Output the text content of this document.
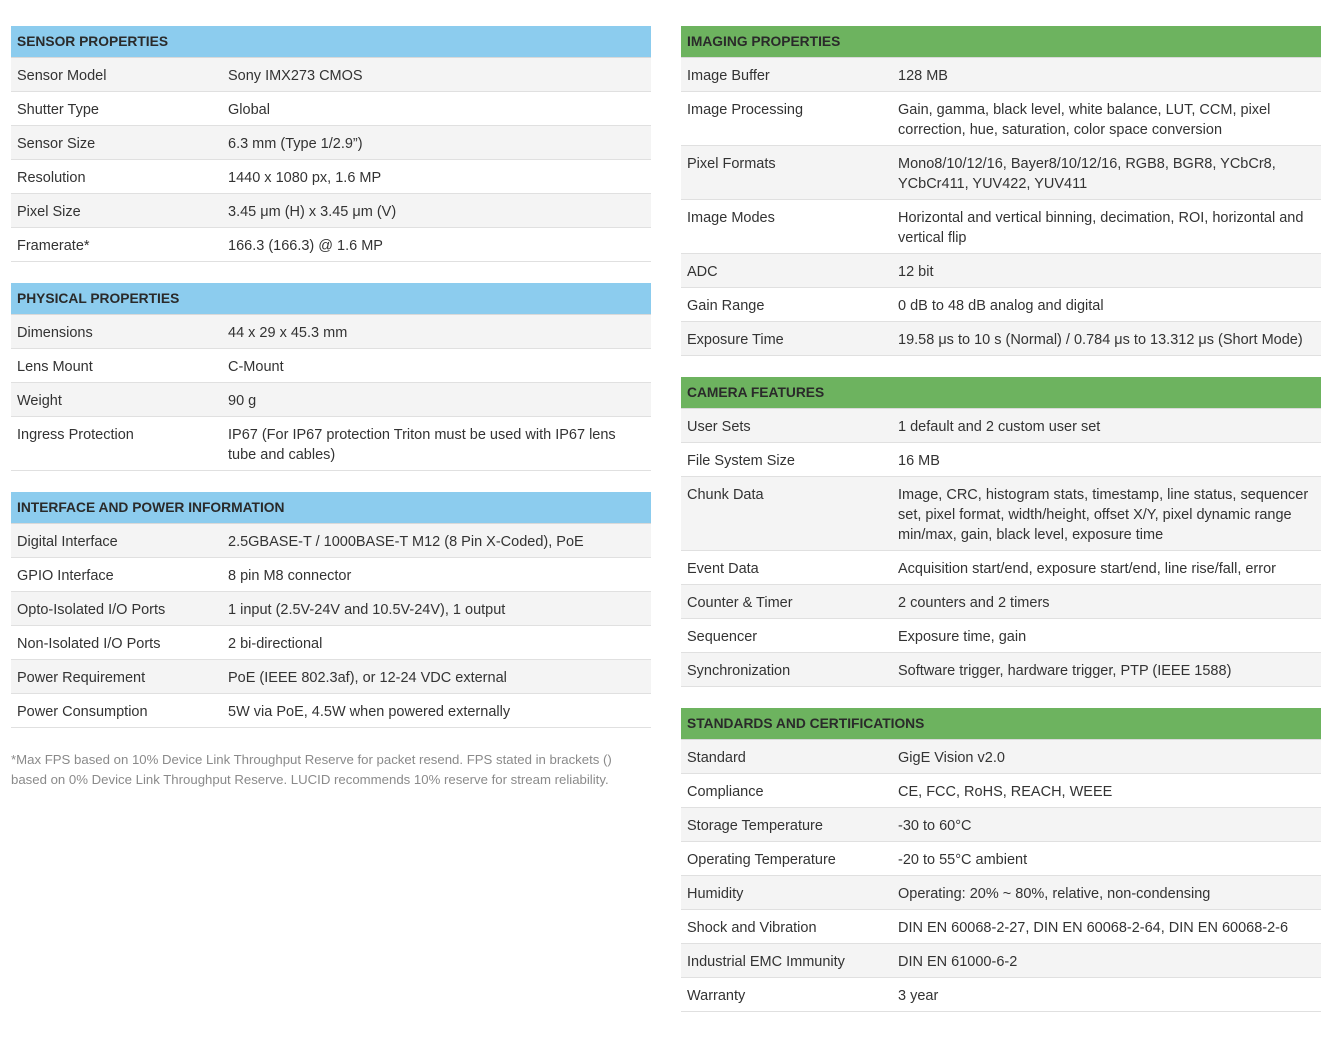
SENSOR PROPERTIES
Sensor Model	Sony IMX273 CMOS
Shutter Type	Global
Sensor Size	6.3 mm (Type 1/2.9”)
Resolution	1440 x 1080 px, 1.6 MP
Pixel Size	3.45 μm (H) x 3.45 μm (V)
Framerate*	166.3 (166.3) @ 1.6 MP
PHYSICAL PROPERTIES
Dimensions	44 x 29 x 45.3 mm
Lens Mount	C-Mount
Weight	90 g
Ingress Protection	IP67 (For IP67 protection Triton must be used with IP67 lens tube and cables)
INTERFACE AND POWER INFORMATION
Digital Interface	2.5GBASE-T / 1000BASE-T M12 (8 Pin X-Coded), PoE
GPIO Interface	8 pin M8 connector
Opto-Isolated I/O Ports	1 input (2.5V-24V and 10.5V-24V), 1 output
Non-Isolated I/O Ports	2 bi-directional
Power Requirement	PoE (IEEE 802.3af), or 12-24 VDC external
Power Consumption	5W via PoE, 4.5W when powered externally
*Max FPS based on 10% Device Link Throughput Reserve for packet resend. FPS stated in brackets () based on 0% Device Link Throughput Reserve. LUCID recommends 10% reserve for stream reliability.
IMAGING PROPERTIES
Image Buffer	128 MB
Image Processing	Gain, gamma, black level, white balance, LUT, CCM, pixel correction, hue, saturation, color space conversion
Pixel Formats	Mono8/10/12/16, Bayer8/10/12/16, RGB8, BGR8, YCbCr8, YCbCr411, YUV422, YUV411
Image Modes	Horizontal and vertical binning, decimation, ROI, horizontal and vertical flip
ADC	12 bit
Gain Range	0 dB to 48 dB analog and digital
Exposure Time	19.58 μs to 10 s (Normal) / 0.784 μs to 13.312 μs (Short Mode)
CAMERA FEATURES
User Sets	1 default and 2 custom user set
File System Size	16 MB
Chunk Data	Image, CRC, histogram stats, timestamp, line status, sequencer set, pixel format, width/height, offset X/Y, pixel dynamic range min/max, gain, black level, exposure time
Event Data	Acquisition start/end, exposure start/end, line rise/fall, error
Counter & Timer	2 counters and 2 timers
Sequencer	Exposure time, gain
Synchronization	Software trigger, hardware trigger, PTP (IEEE 1588)
STANDARDS AND CERTIFICATIONS
Standard	GigE Vision v2.0
Compliance	CE, FCC, RoHS, REACH, WEEE
Storage Temperature	-30 to 60°C
Operating Temperature	-20 to 55°C ambient
Humidity	Operating: 20% ~ 80%, relative, non-condensing
Shock and Vibration	DIN EN 60068-2-27, DIN EN 60068-2-64, DIN EN 60068-2-6
Industrial EMC Immunity	DIN EN 61000-6-2
Warranty	3 year
